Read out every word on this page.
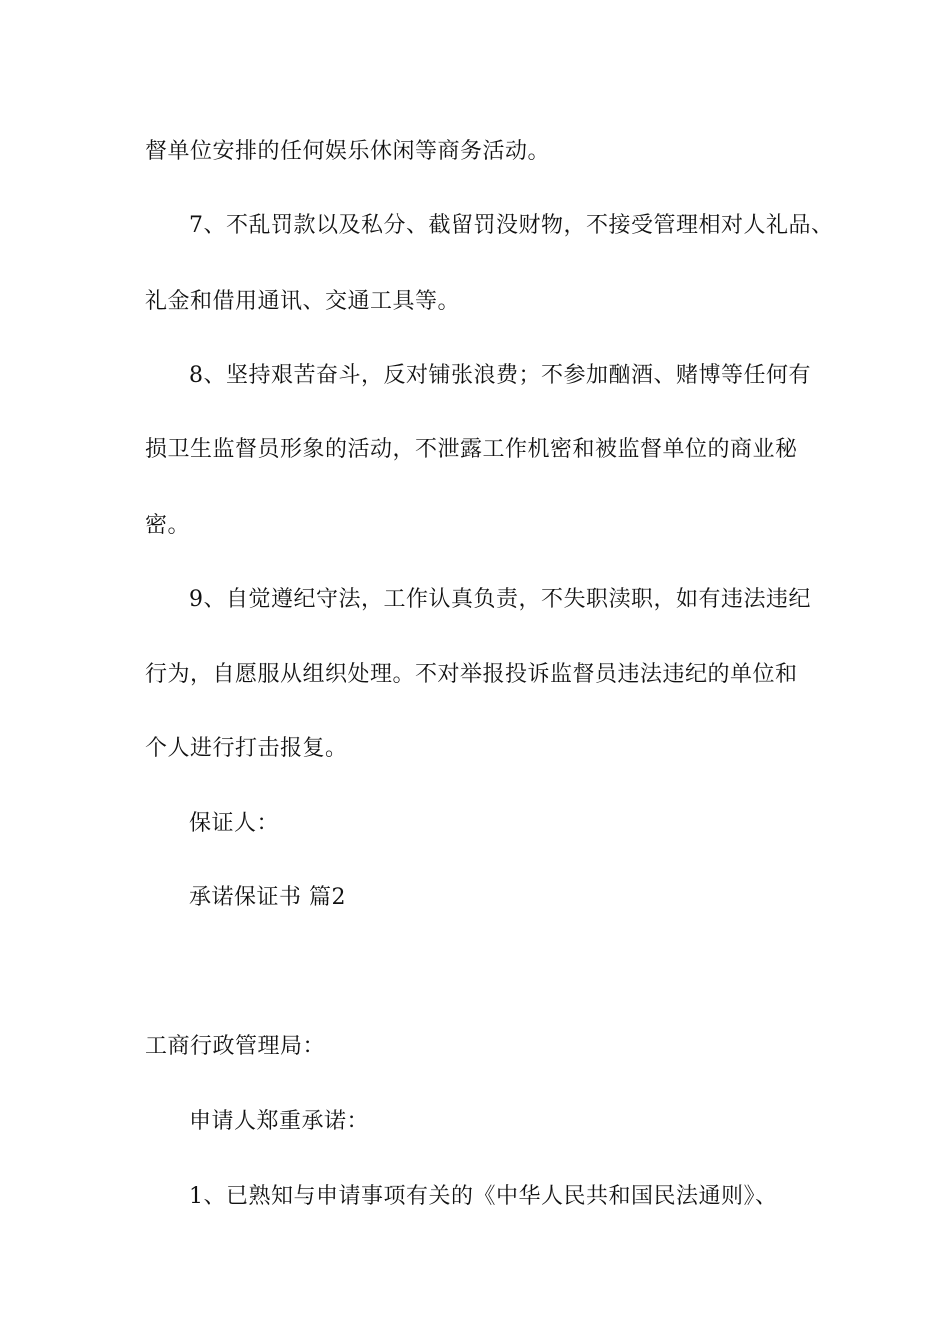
督单位安排的任何娱乐休闲等商务活动。
7、不乱罚款以及私分、截留罚没财物，不接受管理相对人礼品、
礼金和借用通讯、交通工具等。
8、坚持艰苦奋斗，反对铺张浪费；不参加酗酒、赌博等任何有
损卫生监督员形象的活动，不泄露工作机密和被监督单位的商业秘
密。
9、自觉遵纪守法，工作认真负责，不失职渎职，如有违法违纪
行为，自愿服从组织处理。不对举报投诉监督员违法违纪的单位和
个人进行打击报复。
保证人：
承诺保证书 篇2
工商行政管理局：
申请人郑重承诺：
1、已熟知与申请事项有关的《中华人民共和国民法通则》、
